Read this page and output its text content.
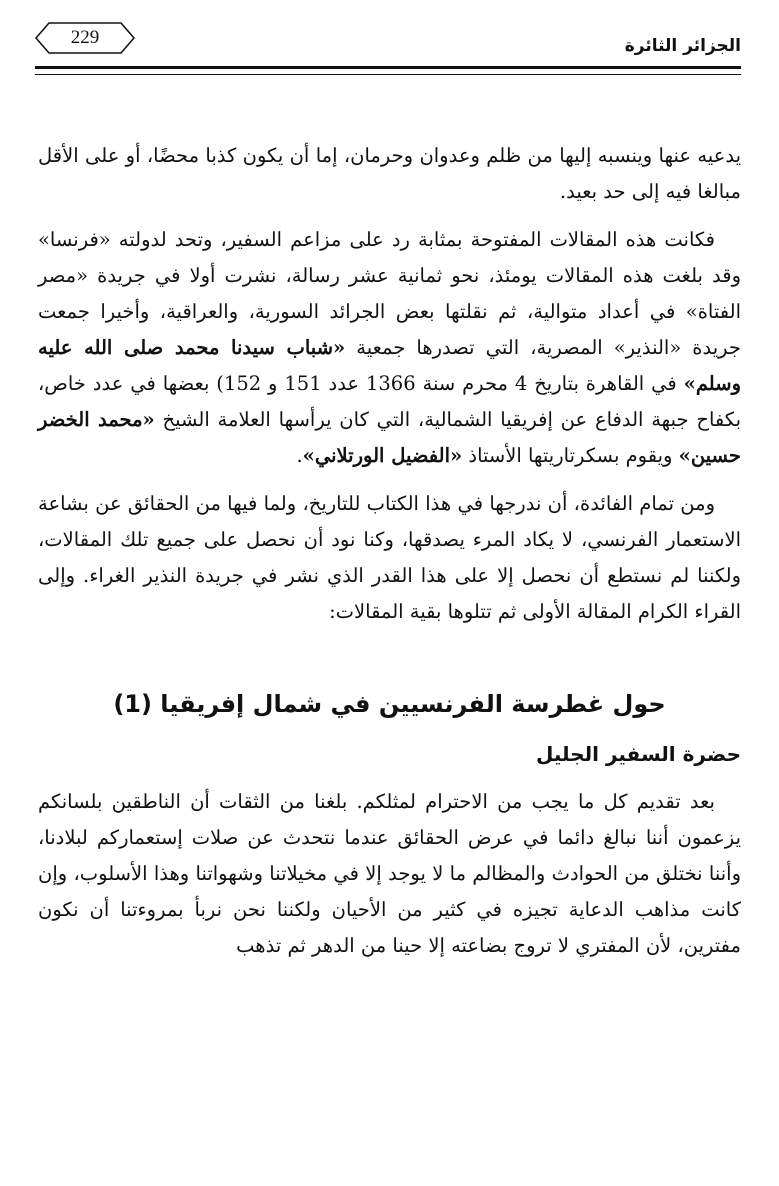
الجزائر الثائرة
229

يدعيه عنها وينسبه إليها من ظلم وعدوان وحرمان، إما أن يكون كذبا محضًا، أو على الأقل مبالغا فيه إلى حد بعيد.

فكانت هذه المقالات المفتوحة بمثابة رد على مزاعم السفير، وتحد لدولته «فرنسا» وقد بلغت هذه المقالات يومئذ، نحو ثمانية عشر رسالة، نشرت أولا في جريدة «مصر الفتاة» في أعداد متوالية، ثم نقلتها بعض الجرائد السورية، والعراقية، وأخيرا جمعت جريدة «النذير» المصرية، التي تصدرها جمعية «شباب سيدنا محمد صلى الله عليه وسلم» في القاهرة بتاريخ 4 محرم سنة 1366 عدد 151 و 152) بعضها في عدد خاص، بكفاح جبهة الدفاع عن إفريقيا الشمالية، التي كان يرأسها العلامة الشيخ «محمد الخضر حسين» ويقوم بسكرتاريتها الأستاذ «الفضيل الورتلاني».

ومن تمام الفائدة، أن ندرجها في هذا الكتاب للتاريخ، ولما فيها من الحقائق عن بشاعة الاستعمار الفرنسي، لا يكاد المرء يصدقها، وكنا نود أن نحصل على جميع تلك المقالات، ولكننا لم نستطع أن نحصل إلا على هذا القدر الذي نشر في جريدة النذير الغراء. وإلى القراء الكرام المقالة الأولى ثم تتلوها بقية المقالات:

حول غطرسة الفرنسيين في شمال إفريقيا (1)
حضرة السفير الجليل

بعد تقديم كل ما يجب من الاحترام لمثلكم. بلغنا من الثقات أن الناطقين بلسانكم يزعمون أننا نبالغ دائما في عرض الحقائق عندما نتحدث عن صلات إستعماركم لبلادنا، وأننا نختلق من الحوادث والمظالم ما لا يوجد إلا في مخيلاتنا وشهواتنا وهذا الأسلوب، وإن كانت مذاهب الدعاية تجيزه في كثير من الأحيان ولكننا نحن نربأ بمروءتنا أن نكون مفترين، لأن المفتري لا تروج بضاعته إلا حينا من الدهر ثم تذهب
